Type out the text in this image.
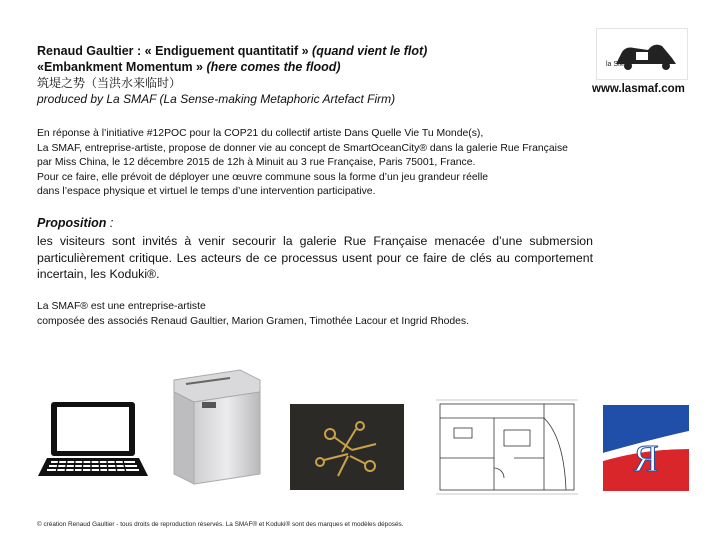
Renaud Gaultier : « Endiguement quantitatif » (quand vient le flot)
«Embankment Momentum » (here comes the flood)
筑堤之势（当洪水来临时）
produced by La SMAF (La Sense-making Metaphoric Artefact Firm)
la SMAF
www.lasmaf.com
En réponse à l’initiative #12POC pour la COP21 du collectif artiste Dans Quelle Vie Tu Monde(s),
La SMAF, entreprise-artiste, propose de donner vie au concept de SmartOceanCity® dans la galerie Rue Française
par Miss China, le 12 décembre 2015 de 12h à Minuit au 3 rue Française, Paris 75001, France.
Pour ce faire, elle prévoit de déployer une œuvre commune sous la forme d’un jeu grandeur réelle
dans l’espace physique et virtuel le temps d’une intervention participative.
Proposition :
les visiteurs sont invités à venir secourir la galerie Rue Française menacée d’une submersion particulièrement critique. Les acteurs de ce processus usent pour ce faire de clés au comportement incertain, les Koduki®.
La SMAF® est une entreprise-artiste
composée des associés Renaud Gaultier, Marion Gramen, Timothée Lacour et Ingrid Rhodes.
Я
© création Renaud Gaultier - tous droits de reproduction réservés. La SMAF® et Koduki® sont des marques et modèles déposés.
